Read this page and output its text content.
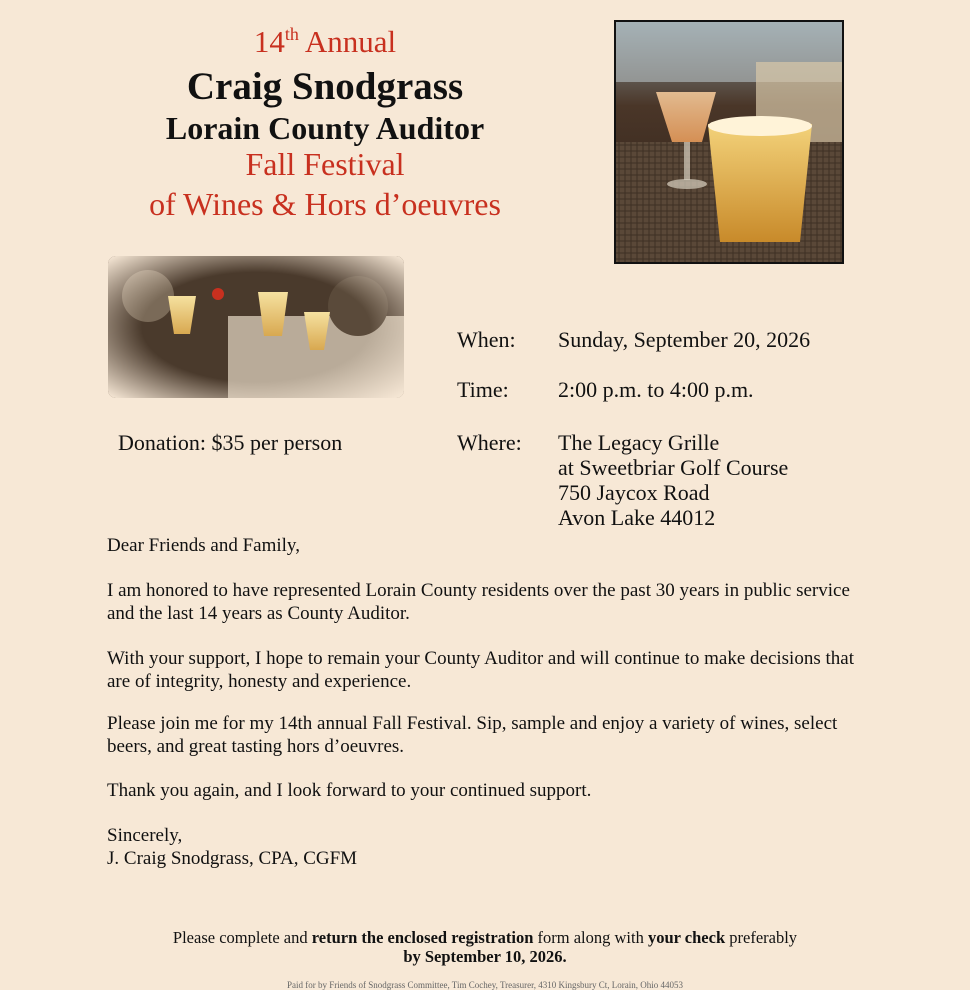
14th Annual
Craig Snodgrass
Lorain County Auditor
Fall Festival
of Wines & Hors d’oeuvres
When: Sunday, September 20, 2026
Time: 2:00 p.m. to 4:00 p.m.
Donation: $35 per person	Where: The Legacy Grille
at Sweetbriar Golf Course
750 Jaycox Road
Avon Lake 44012
Dear Friends and Family,
I am honored to have represented Lorain County residents over the past 30 years in public service and the last 14 years as County Auditor.
With your support, I hope to remain your County Auditor and will continue to make decisions that are of integrity, honesty and experience.
Please join me for my 14th annual Fall Festival. Sip, sample and enjoy a variety of wines, select beers, and great tasting hors d’oeuvres.
Thank you again, and I look forward to your continued support.
Sincerely,
J. Craig Snodgrass, CPA, CGFM
Please complete and return the enclosed registration form along with your check preferably
by September 10, 2026.
Paid for by Friends of Snodgrass Committee, Tim Cochey, Treasurer, 4310 Kingsbury Ct, Lorain, Ohio 44053
